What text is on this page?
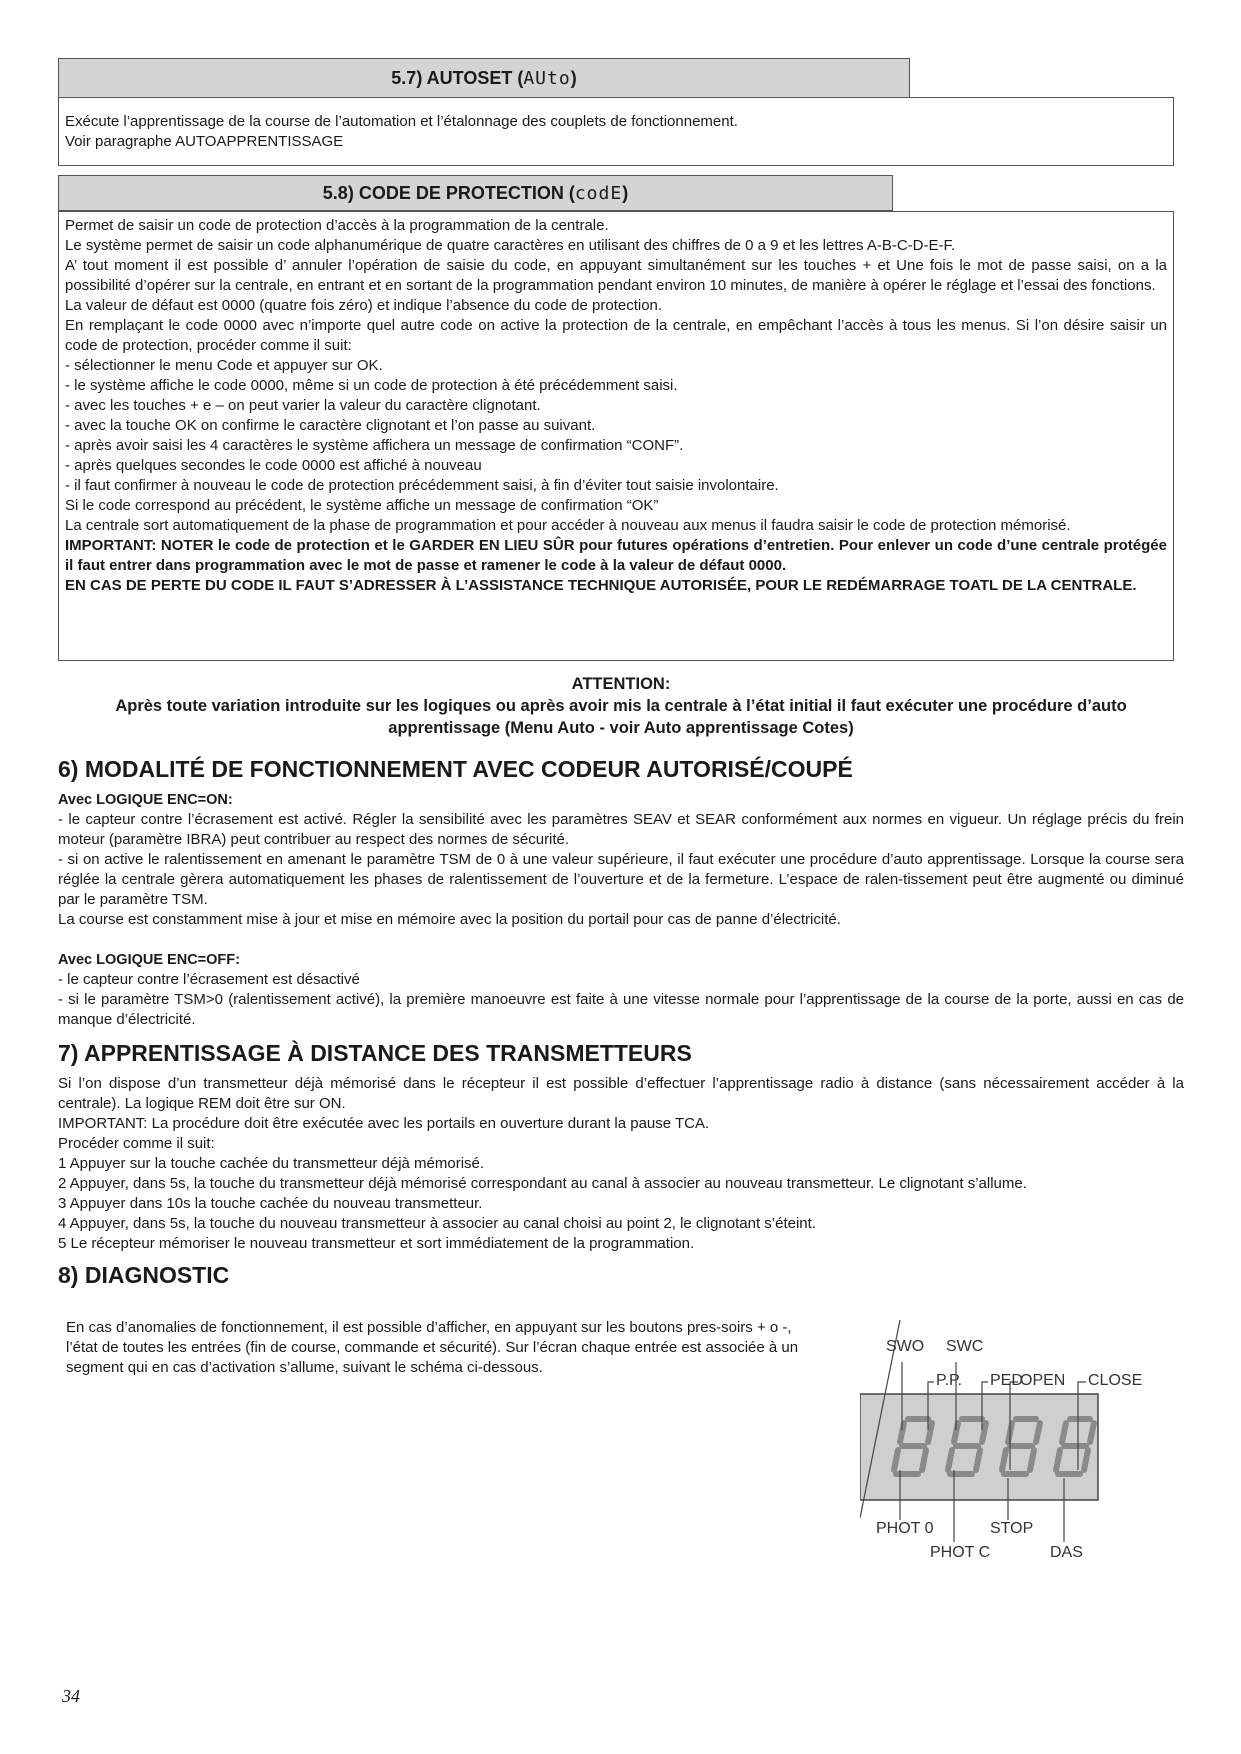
5.7) AUTOSET (AUto)

Exécute l’apprentissage de la course de l’automation et l’étalonnage des couplets de fonctionnement.

Voir paragraphe AUTOAPPRENTISSAGE

5.8) CODE DE PROTECTION (codE)

Permet de saisir un code de protection d’accès à la programmation de la centrale.

Le système permet de saisir un code alphanumérique de quatre caractères en utilisant des chiffres de 0 a 9 et les lettres A-B-C-D-E-F.

A’ tout moment il est possible d’ annuler l’opération de saisie du code, en appuyant simultanément sur les touches + et Une fois le mot de passe saisi, on a la possibilité d’opérer sur la centrale, en entrant et en sortant de la programmation pendant environ 10 minutes, de manière à opérer le réglage et l’essai des fonctions.

La valeur de défaut est 0000 (quatre fois zéro) et indique l’absence du code de protection.

En remplaçant le code 0000 avec n’importe quel autre code on active la protection de la centrale, en empêchant l’accès à tous les menus. Si l’on désire saisir un code de protection, procéder comme il suit:

- sélectionner le menu Code et appuyer sur OK.

- le système affiche le code 0000, même si un code de protection à été précédemment saisi.

- avec les touches + e – on peut varier la valeur du caractère clignotant.

- avec la touche OK on confirme le caractère clignotant et l’on passe au suivant.

- après avoir saisi les 4 caractères le système affichera un message de confirmation “CONF”.

- après quelques secondes le code 0000 est affiché à nouveau

- il faut confirmer à nouveau le code de protection précédemment saisi, à fin d’éviter tout saisie involontaire.

Si le code correspond au précédent, le système affiche un message de confirmation “OK”

La centrale sort automatiquement de la phase de programmation et pour accéder à nouveau aux menus il faudra saisir le code de protection mémorisé.

IMPORTANT: NOTER le code de protection et le GARDER EN LIEU SÛR pour futures opérations d’entretien. Pour enlever un code d’une centrale protégée il faut entrer dans programmation avec le mot de passe et ramener le code à la valeur de défaut 0000.

EN CAS DE PERTE DU CODE IL FAUT S’ADRESSER À L’ASSISTANCE TECHNIQUE AUTORISÉE, POUR LE REDÉMARRAGE TOATL DE LA CENTRALE.

ATTENTION:
Après toute variation introduite sur les logiques ou après avoir mis la centrale à l’état initial il faut exécuter une procédure d’auto apprentissage (Menu Auto - voir Auto apprentissage Cotes)
6) MODALITÉ DE FONCTIONNEMENT AVEC CODEUR AUTORISÉ/COUPÉ

Avec LOGIQUE ENC=ON:

- le capteur contre l’écrasement est activé. Régler la sensibilité avec les paramètres SEAV et SEAR conformément aux normes en vigueur. Un réglage précis du frein moteur (paramètre IBRA) peut contribuer au respect des normes de sécurité.

- si on active le ralentissement en amenant le paramètre TSM de 0 à une valeur supérieure, il faut exécuter une procédure d’auto apprentissage. Lorsque la course sera réglée la centrale gèrera automatiquement les phases de ralentissement de l’ouverture et de la fermeture. L’espace de ralen-tissement peut être augmenté ou diminué par le paramètre TSM.

La course est constamment mise à jour et mise en mémoire avec la position du portail pour cas de panne d’électricité.

Avec LOGIQUE ENC=OFF:

- le capteur contre l’écrasement est désactivé

- si le paramètre TSM>0 (ralentissement activé), la première manoeuvre est faite à une vitesse normale pour l’apprentissage de la course de la porte, aussi en cas de manque d’électricité.

7) APPRENTISSAGE À DISTANCE DES TRANSMETTEURS

Si l’on dispose d’un transmetteur déjà mémorisé dans le récepteur il est possible d’effectuer l’apprentissage radio à distance (sans nécessairement accéder à la centrale). La logique REM doit être sur ON.

IMPORTANT: La procédure doit être exécutée avec les portails en ouverture durant la pause TCA.

Procéder comme il suit:

1 Appuyer sur la touche cachée du transmetteur déjà mémorisé.

2 Appuyer, dans 5s, la touche du transmetteur déjà mémorisé correspondant au canal à associer au nouveau transmetteur. Le clignotant s’allume.

3 Appuyer dans 10s la touche cachée du nouveau transmetteur.

4 Appuyer, dans 5s, la touche du nouveau transmetteur à associer au canal choisi au point 2, le clignotant s’éteint.

5 Le récepteur mémoriser le nouveau transmetteur et sort immédiatement de la programmation.

8) DIAGNOSTIC
En cas d’anomalies de fonctionnement, il est possible d’afficher, en appuyant sur les boutons pres-soirs + o -, l’état de toutes les entrées (fin de course, commande et sécurité). Sur l’écran chaque entrée est associée à un segment qui en cas d’activation s’allume, suivant le schéma ci-dessous.
SWO SWC
P.P. PED
OPEN CLOSE
PHOT 0
PHOT C
STOP
DAS
34
